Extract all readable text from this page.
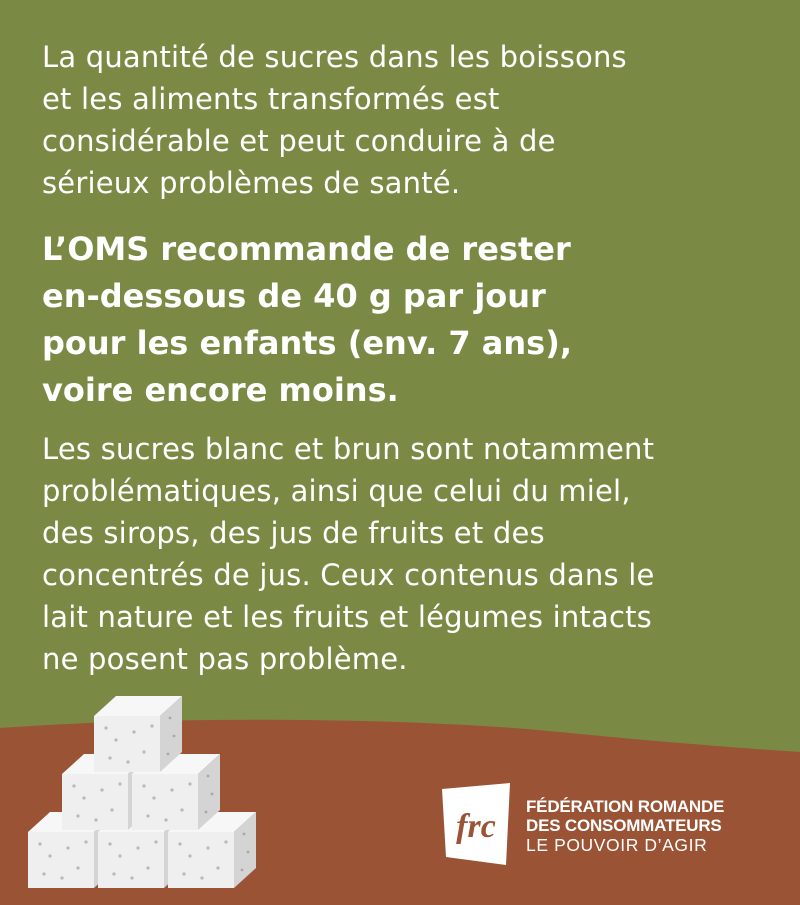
La quantité de sucres dans les boissons
et les aliments transformés est
considérable et peut conduire à de
sérieux problèmes de santé.
L’OMS recommande de rester
en-dessous de 40 g par jour
pour les enfants (env. 7 ans),
voire encore moins.
Les sucres blanc et brun sont notamment
problématiques, ainsi que celui du miel,
des sirops, des jus de fruits et des
concentrés de jus. Ceux contenus dans le
lait nature et les fruits et légumes intacts
ne posent pas problème.
frc
FÉDÉRATION ROMANDE
DES CONSOMMATEURS
LE POUVOIR D’AGIR
